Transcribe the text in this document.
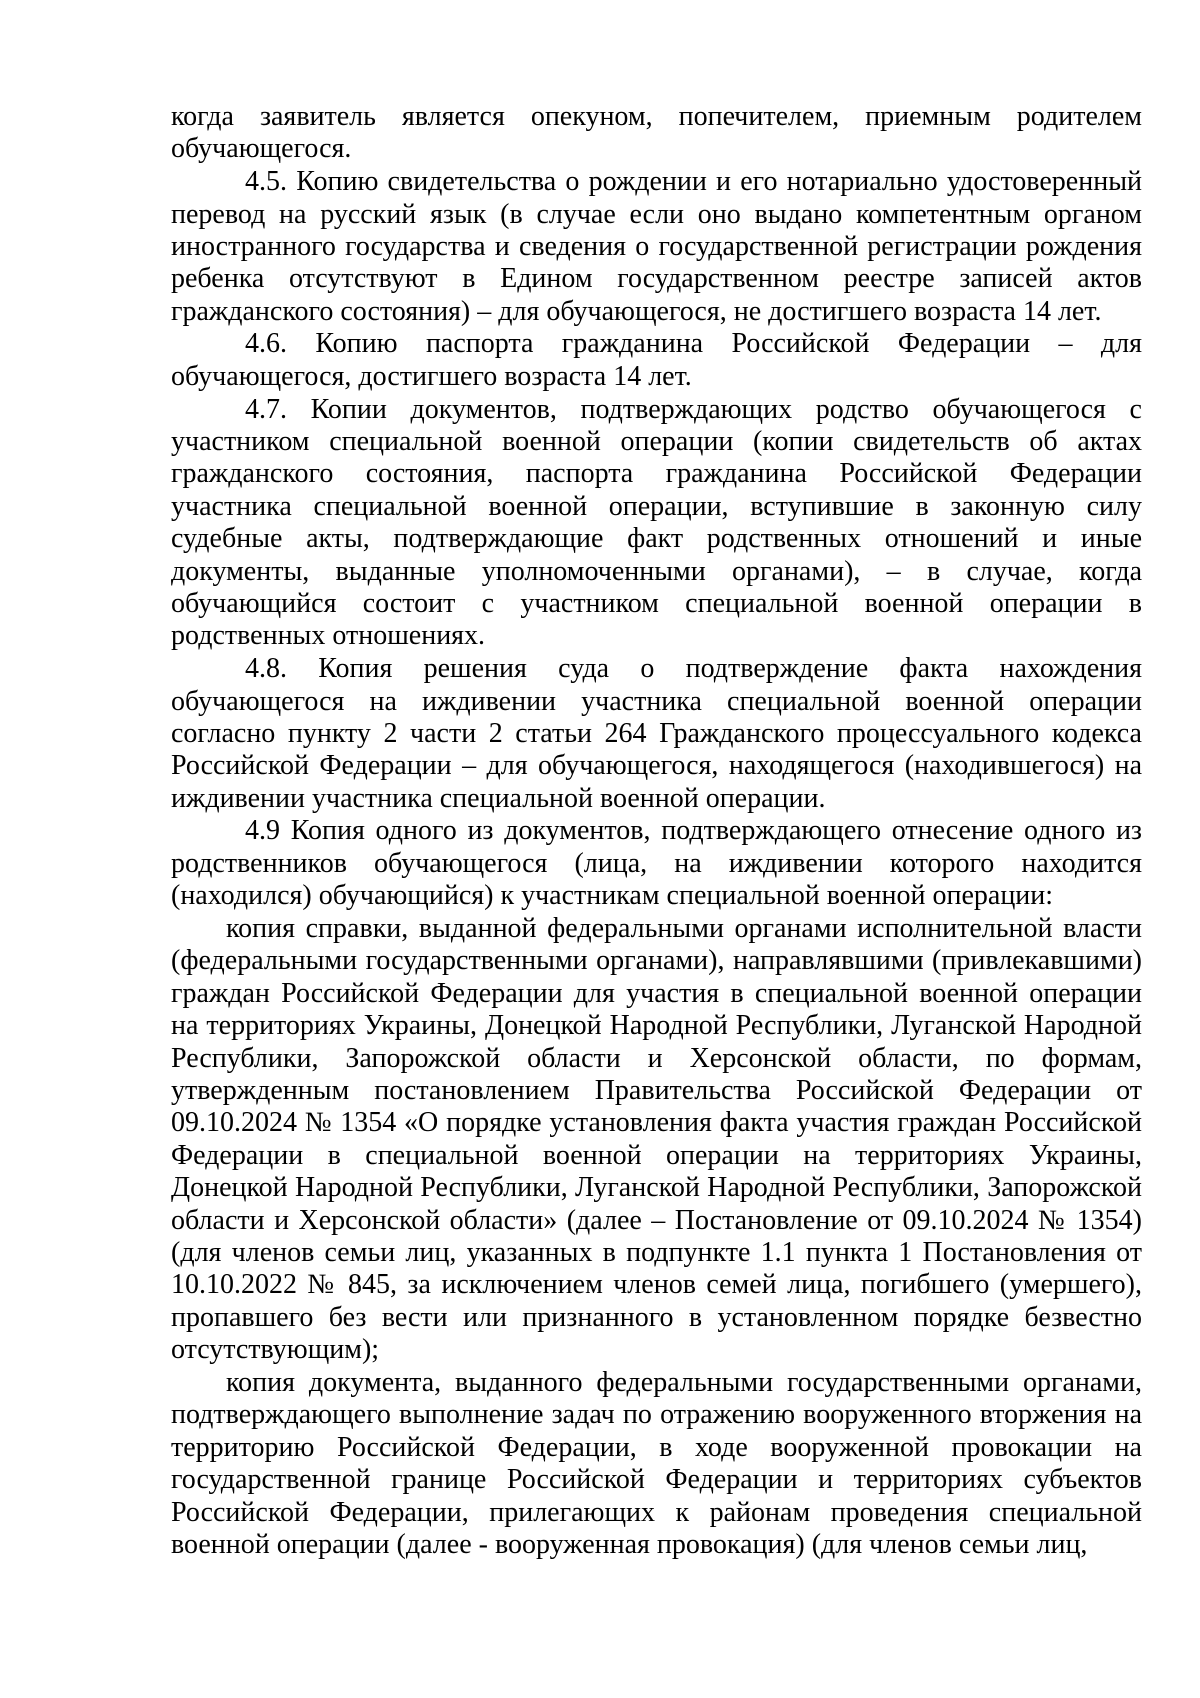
когда заявитель является опекуном, попечителем, приемным родителем обучающегося.

4.5. Копию свидетельства о рождении и его нотариально удостоверенный перевод на русский язык (в случае если оно выдано компетентным органом иностранного государства и сведения о государственной регистрации рождения ребенка отсутствуют в Едином государственном реестре записей актов гражданского состояния) – для обучающегося, не достигшего возраста 14 лет.

4.6. Копию паспорта гражданина Российской Федерации – для обучающегося, достигшего возраста 14 лет.

4.7. Копии документов, подтверждающих родство обучающегося с участником специальной военной операции (копии свидетельств об актах гражданского состояния, паспорта гражданина Российской Федерации участника специальной военной операции, вступившие в законную силу судебные акты, подтверждающие факт родственных отношений и иные документы, выданные уполномоченными органами), – в случае, когда обучающийся состоит с участником специальной военной операции в родственных отношениях.

4.8. Копия решения суда о подтверждение факта нахождения обучающегося на иждивении участника специальной военной операции согласно пункту 2 части 2 статьи 264 Гражданского процессуального кодекса Российской Федерации – для обучающегося, находящегося (находившегося) на иждивении участника специальной военной операции.

4.9 Копия одного из документов, подтверждающего отнесение одного из родственников обучающегося (лица, на иждивении которого находится (находился) обучающийся) к участникам специальной военной операции:

копия справки, выданной федеральными органами исполнительной власти (федеральными государственными органами), направлявшими (привлекавшими) граждан Российской Федерации для участия в специальной военной операции на территориях Украины, Донецкой Народной Республики, Луганской Народной Республики, Запорожской области и Херсонской области, по формам, утвержденным постановлением Правительства Российской Федерации от 09.10.2024 № 1354 «О порядке установления факта участия граждан Российской Федерации в специальной военной операции на территориях Украины, Донецкой Народной Республики, Луганской Народной Республики, Запорожской области и Херсонской области» (далее – Постановление от 09.10.2024 № 1354) (для членов семьи лиц, указанных в подпункте 1.1 пункта 1 Постановления от 10.10.2022 № 845, за исключением членов семей лица, погибшего (умершего), пропавшего без вести или признанного в установленном порядке безвестно отсутствующим);

копия документа, выданного федеральными государственными органами, подтверждающего выполнение задач по отражению вооруженного вторжения на территорию Российской Федерации, в ходе вооруженной провокации на государственной границе Российской Федерации и территориях субъектов Российской Федерации, прилегающих к районам проведения специальной военной операции (далее - вооруженная провокация) (для членов семьи лиц,
